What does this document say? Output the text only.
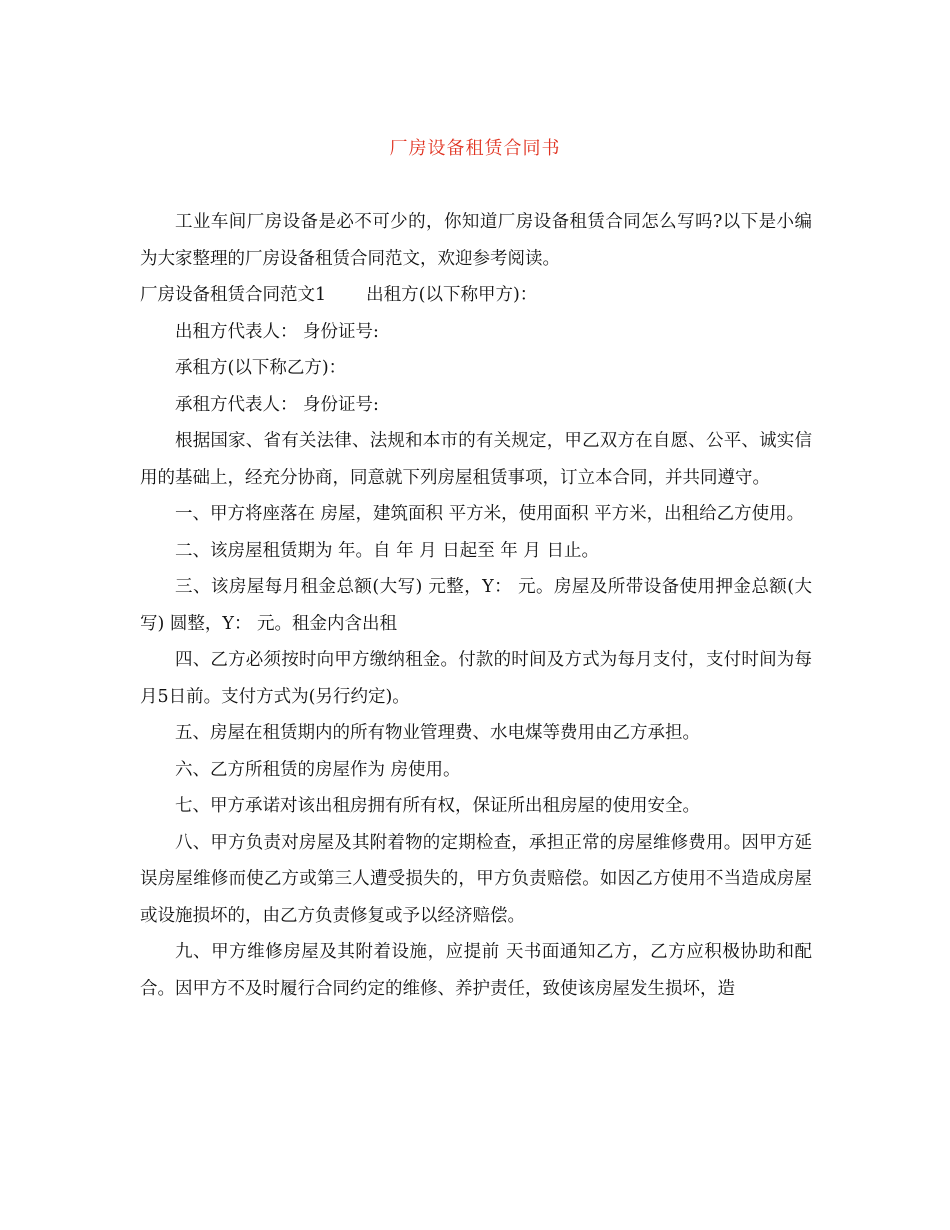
厂房设备租赁合同书

工业车间厂房设备是必不可少的，你知道厂房设备租赁合同怎么写吗?以下是小编为大家整理的厂房设备租赁合同范文，欢迎参考阅读。

厂房设备租赁合同范文1 出租方(以下称甲方)：

出租方代表人： 身份证号:

承租方(以下称乙方)：

承租方代表人： 身份证号:

根据国家、省有关法律、法规和本市的有关规定，甲乙双方在自愿、公平、诚实信用的基础上，经充分协商，同意就下列房屋租赁事项，订立本合同，并共同遵守。

一、甲方将座落在 房屋，建筑面积 平方米，使用面积 平方米，出租给乙方使用。

二、该房屋租赁期为 年。自 年 月 日起至 年 月 日止。

三、该房屋每月租金总额(大写) 元整，Y： 元。房屋及所带设备使用押金总额(大写) 圆整，Y： 元。租金内含出租

四、乙方必须按时向甲方缴纳租金。付款的时间及方式为每月支付，支付时间为每月5日前。支付方式为(另行约定)。

五、房屋在租赁期内的所有物业管理费、水电煤等费用由乙方承担。

六、乙方所租赁的房屋作为 房使用。

七、甲方承诺对该出租房拥有所有权，保证所出租房屋的使用安全。

八、甲方负责对房屋及其附着物的定期检查，承担正常的房屋维修费用。因甲方延误房屋维修而使乙方或第三人遭受损失的，甲方负责赔偿。如因乙方使用不当造成房屋或设施损坏的，由乙方负责修复或予以经济赔偿。

九、甲方维修房屋及其附着设施，应提前 天书面通知乙方，乙方应积极协助和配合。因甲方不及时履行合同约定的维修、养护责任，致使该房屋发生损坏，造
